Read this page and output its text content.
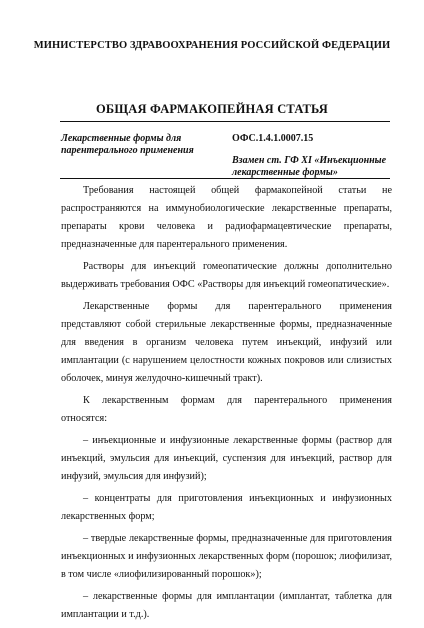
МИНИСТЕРСТВО ЗДРАВООХРАНЕНИЯ РОССИЙСКОЙ ФЕДЕРАЦИИ
ОБЩАЯ ФАРМАКОПЕЙНАЯ СТАТЬЯ
Лекарственные формы для парентерального применения
ОФС.1.4.1.0007.15
Взамен ст. ГФ XI «Инъекционные лекарственные формы»

Требования настоящей общей фармакопейной статьи не распространяются на иммунобиологические лекарственные препараты, препараты крови человека и радиофармацевтические препараты, предназначенные для парентерального применения.

Растворы для инъекций гомеопатические должны дополнительно выдерживать требования ОФС «Растворы для инъекций гомеопатические».

Лекарственные формы для парентерального применения представляют собой стерильные лекарственные формы, предназначенные для введения в организм человека путем инъекций, инфузий или имплантации (с нарушением целостности кожных покровов или слизистых оболочек, минуя желудочно-кишечный тракт).

К лекарственным формам для парентерального применения относятся:

– инъекционные и инфузионные лекарственные формы (раствор для инъекций, эмульсия для инъекций, суспензия для инъекций, раствор для инфузий, эмульсия для инфузий);

– концентраты для приготовления инъекционных и инфузионных лекарственных форм;

– твердые лекарственные формы, предназначенные для приготовления инъекционных и инфузионных лекарственных форм (порошок; лиофилизат, в том числе «лиофилизированный порошок»);

– лекарственные формы для имплантации (имплантат, таблетка для имплантации и т.д.).
